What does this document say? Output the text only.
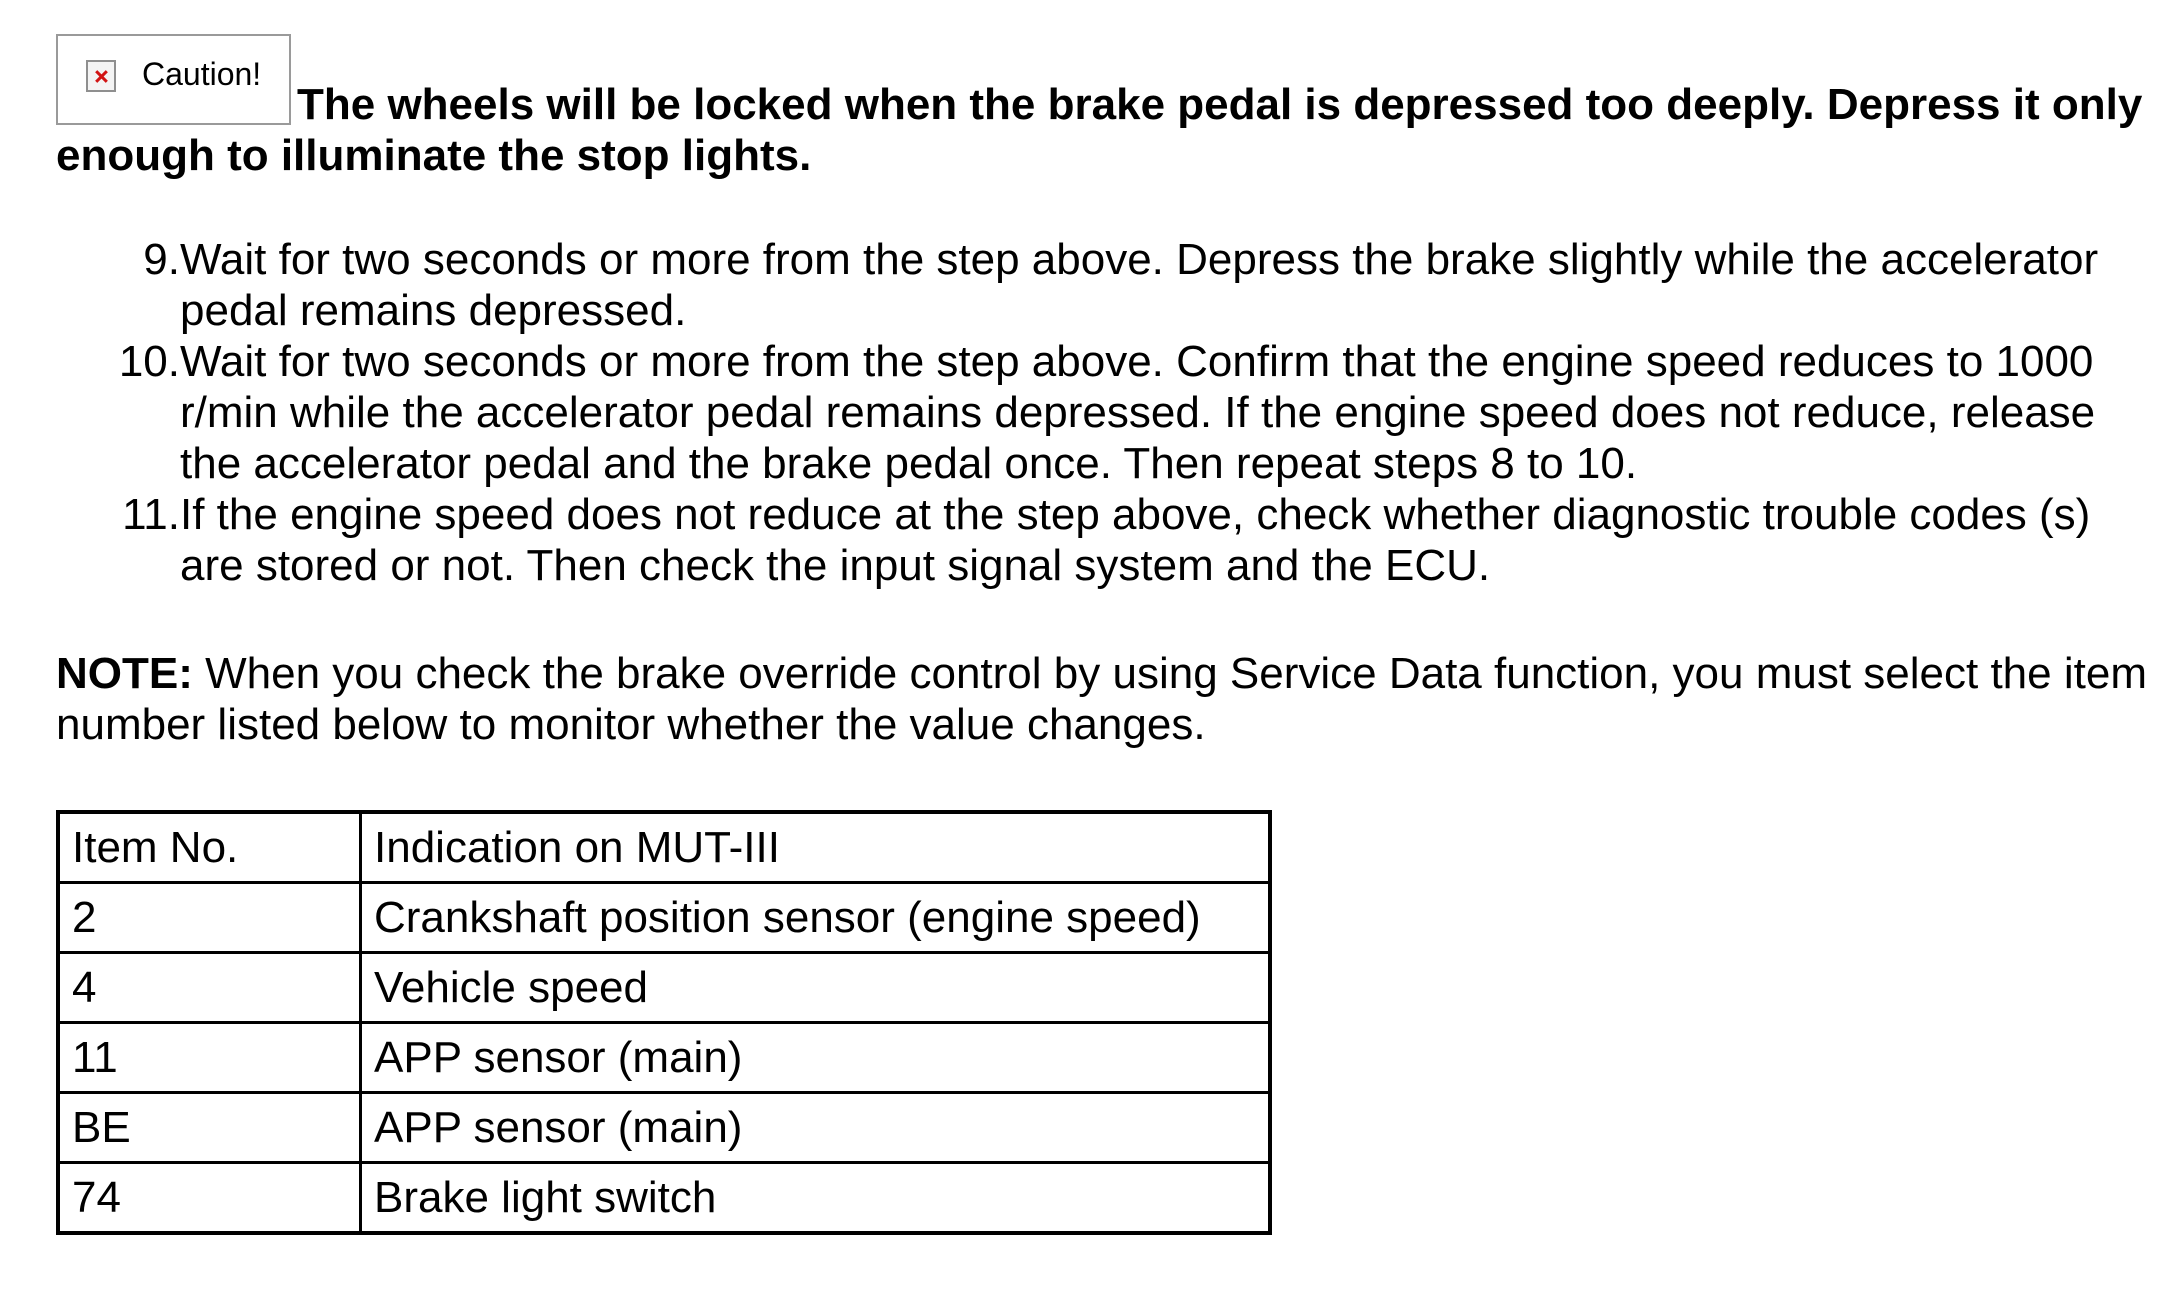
Caution!
The wheels will be locked when the brake pedal is depressed too deeply. Depress it only enough to illuminate the stop lights.
9. Wait for two seconds or more from the step above. Depress the brake slightly while the accelerator pedal remains depressed.
10. Wait for two seconds or more from the step above. Confirm that the engine speed reduces to 1000 r/min while the accelerator pedal remains depressed. If the engine speed does not reduce, release the accelerator pedal and the brake pedal once. Then repeat steps 8 to 10.
11. If the engine speed does not reduce at the step above, check whether diagnostic trouble codes (s) are stored or not. Then check the input signal system and the ECU.
NOTE: When you check the brake override control by using Service Data function, you must select the item number listed below to monitor whether the value changes.
Item No.	Indication on MUT-III
2	Crankshaft position sensor (engine speed)
4	Vehicle speed
11	APP sensor (main)
BE	APP sensor (main)
74	Brake light switch
